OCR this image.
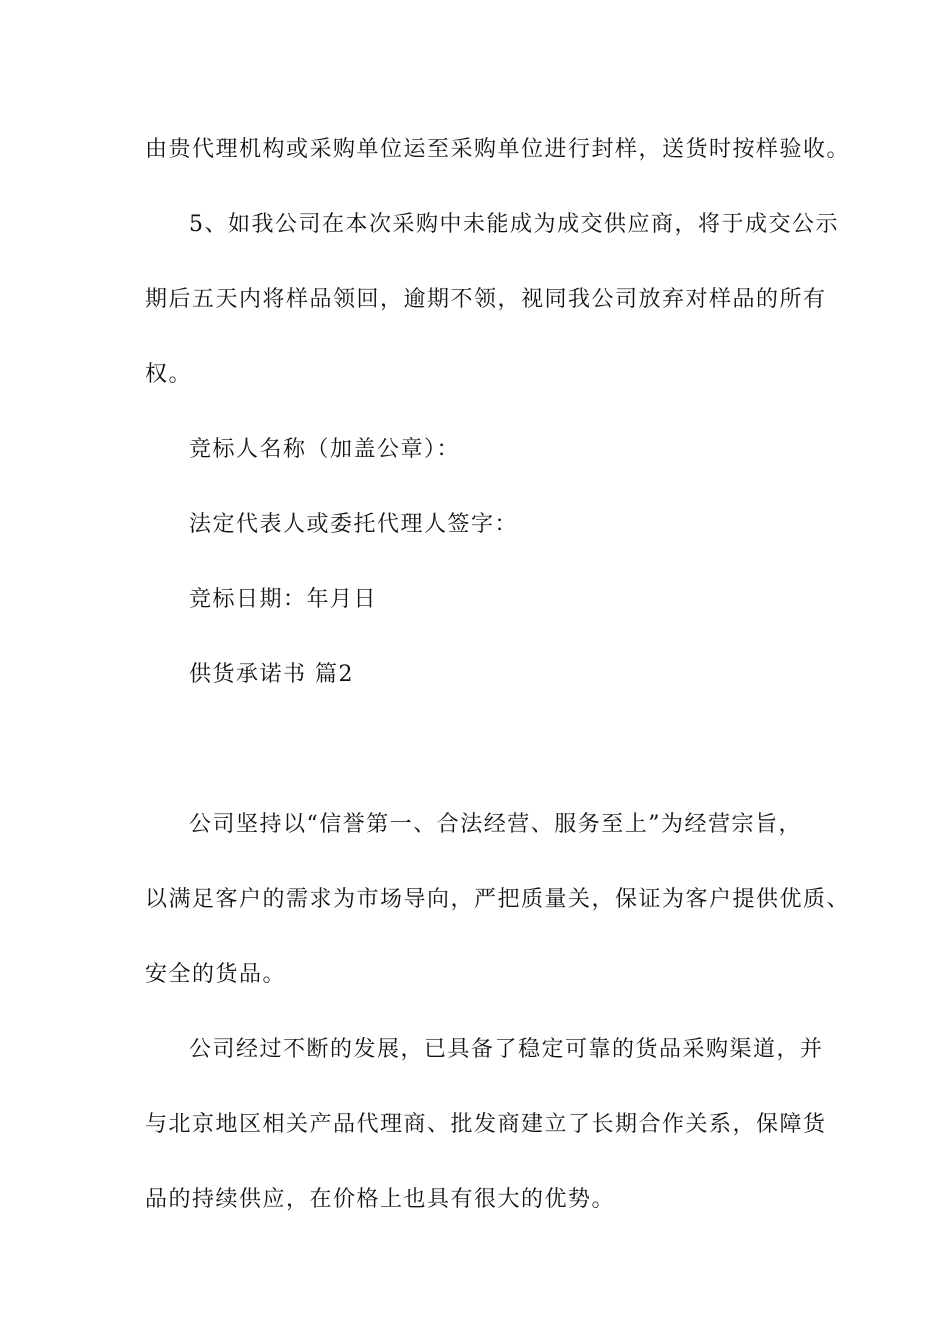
由贵代理机构或采购单位运至采购单位进行封样，送货时按样验收。
5、如我公司在本次采购中未能成为成交供应商，将于成交公示
期后五天内将样品领回，逾期不领，视同我公司放弃对样品的所有
权。
竞标人名称（加盖公章）：
法定代表人或委托代理人签字：
竞标日期：年月日
供货承诺书 篇2
公司坚持以“信誉第一、合法经营、服务至上”为经营宗旨，
以满足客户的需求为市场导向，严把质量关，保证为客户提供优质、
安全的货品。
公司经过不断的发展，已具备了稳定可靠的货品采购渠道，并
与北京地区相关产品代理商、批发商建立了长期合作关系，保障货
品的持续供应，在价格上也具有很大的优势。
